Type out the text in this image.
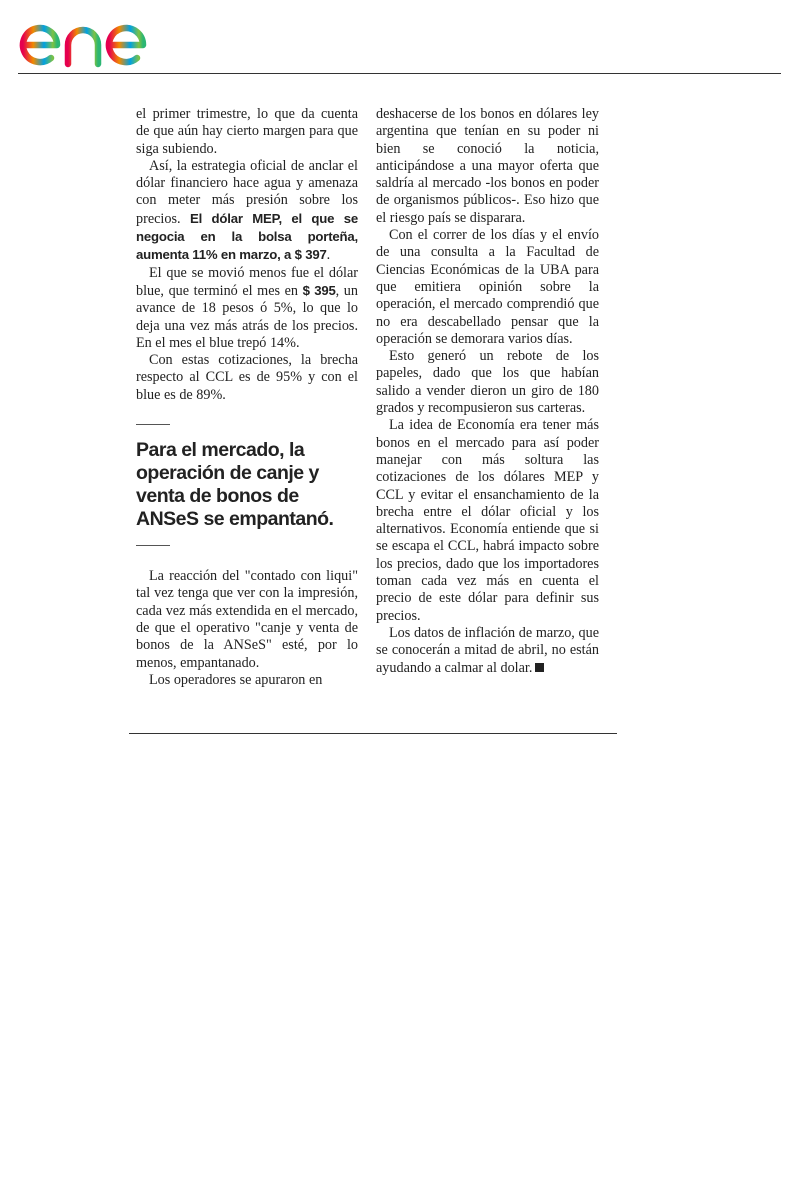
el primer trimestre, lo que da cuenta de que aún hay cierto margen para que siga subiendo.

Así, la estrategia oficial de anclar el dólar financiero hace agua y amenaza con meter más presión sobre los precios. El dólar MEP, el que se negocia en la bolsa porteña, aumenta 11% en marzo, a $ 397.

El que se movió menos fue el dólar blue, que terminó el mes en $ 395, un avance de 18 pesos ó 5%, lo que lo deja una vez más atrás de los precios. En el mes el blue trepó 14%.

Con estas cotizaciones, la brecha respecto al CCL es de 95% y con el blue es de 89%.

Para el mercado, la operación de canje y venta de bonos de ANSeS se empantanó.

La reacción del "contado con liqui" tal vez tenga que ver con la impresión, cada vez más extendida en el mercado, de que el operativo "canje y venta de bonos de la ANSeS" esté, por lo menos, empantanado.

Los operadores se apuraron en

deshacerse de los bonos en dólares ley argentina que tenían en su poder ni bien se conoció la noticia, anticipándose a una mayor oferta que saldría al mercado -los bonos en poder de organismos públicos-. Eso hizo que el riesgo país se disparara.

Con el correr de los días y el envío de una consulta a la Facultad de Ciencias Económicas de la UBA para que emitiera opinión sobre la operación, el mercado comprendió que no era descabellado pensar que la operación se demorara varios días.

Esto generó un rebote de los papeles, dado que los que habían salido a vender dieron un giro de 180 grados y recompusieron sus carteras.

La idea de Economía era tener más bonos en el mercado para así poder manejar con más soltura las cotizaciones de los dólares MEP y CCL y evitar el ensanchamiento de la brecha entre el dólar oficial y los alternativos. Economía entiende que si se escapa el CCL, habrá impacto sobre los precios, dado que los importadores toman cada vez más en cuenta el precio de este dólar para definir sus precios.

Los datos de inflación de marzo, que se conocerán a mitad de abril, no están ayudando a calmar al dolar.
